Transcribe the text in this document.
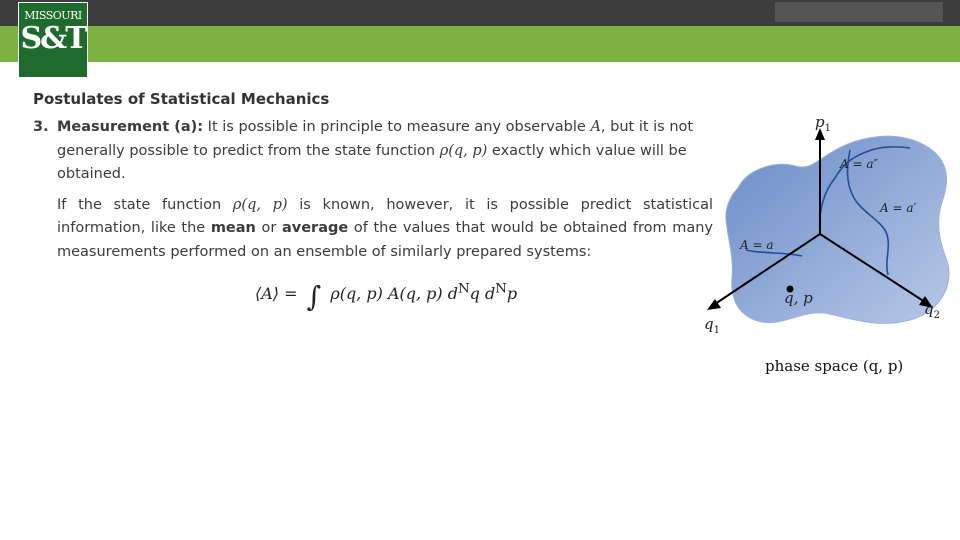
MISSOURI
S&T
Postulates of Statistical Mechanics

3. Measurement (a): It is possible in principle to measure any observable A, but it is not generally possible to predict from the state function ρ(q, p) exactly which value will be obtained.

If the state function ρ(q, p) is known, however, it is possible predict statistical information, like the mean or average of the values that would be obtained from many measurements performed on an ensemble of similarly prepared systems:

⟨A⟩ = ∫ ρ(q, p) A(q, p) $d^Nq$ $d^Np$
$p_1$
$q_1$
$q_2$
A = a″
A = a′
A = a
q, p
phase space (q, p)
